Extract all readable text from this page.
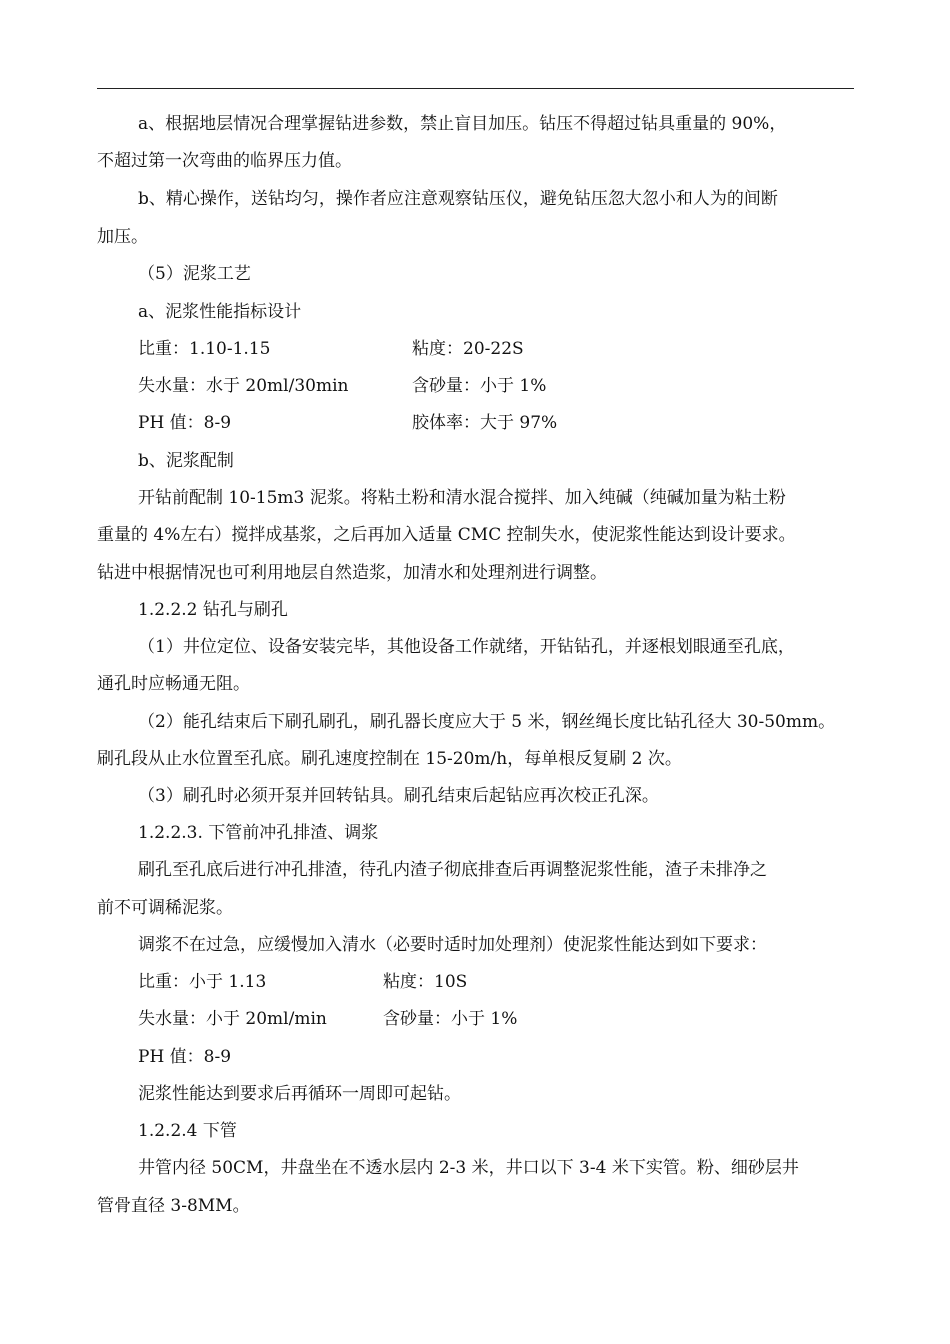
a、根据地层情况合理掌握钻进参数，禁止盲目加压。钻压不得超过钻具重量的 90%，
不超过第一次弯曲的临界压力值。
b、精心操作，送钻均匀，操作者应注意观察钻压仪，避免钻压忽大忽小和人为的间断
加压。
（5）泥浆工艺
a、泥浆性能指标设计
比重：1.10-1.15	粘度：20-22S
失水量：水于 20ml/30min	含砂量：小于 1%
PH 值：8-9	胶体率：大于 97%
b、泥浆配制
开钻前配制 10-15m3 泥浆。将粘土粉和清水混合搅拌、加入纯碱（纯碱加量为粘土粉
重量的 4%左右）搅拌成基浆，之后再加入适量 CMC 控制失水，使泥浆性能达到设计要求。
钻进中根据情况也可利用地层自然造浆，加清水和处理剂进行调整。
1.2.2.2 钻孔与刷孔
（1）井位定位、设备安装完毕，其他设备工作就绪，开钻钻孔，并逐根划眼通至孔底，
通孔时应畅通无阻。
（2）能孔结束后下刷孔刷孔，刷孔器长度应大于 5 米，钢丝绳长度比钻孔径大 30-50mm。
刷孔段从止水位置至孔底。刷孔速度控制在 15-20m/h，每单根反复刷 2 次。
（3）刷孔时必须开泵并回转钻具。刷孔结束后起钻应再次校正孔深。
1.2.2.3. 下管前冲孔排渣、调浆
刷孔至孔底后进行冲孔排渣，待孔内渣子彻底排查后再调整泥浆性能，渣子未排净之
前不可调稀泥浆。
调浆不在过急，应缓慢加入清水（必要时适时加处理剂）使泥浆性能达到如下要求：
比重：小于 1.13	粘度：10S
失水量：小于 20ml/min	含砂量：小于 1%
PH 值：8-9
泥浆性能达到要求后再循环一周即可起钻。
1.2.2.4 下管
井管内径 50CM，井盘坐在不透水层内 2-3 米，井口以下 3-4 米下实管。粉、细砂层井
管骨直径 3-8MM。
